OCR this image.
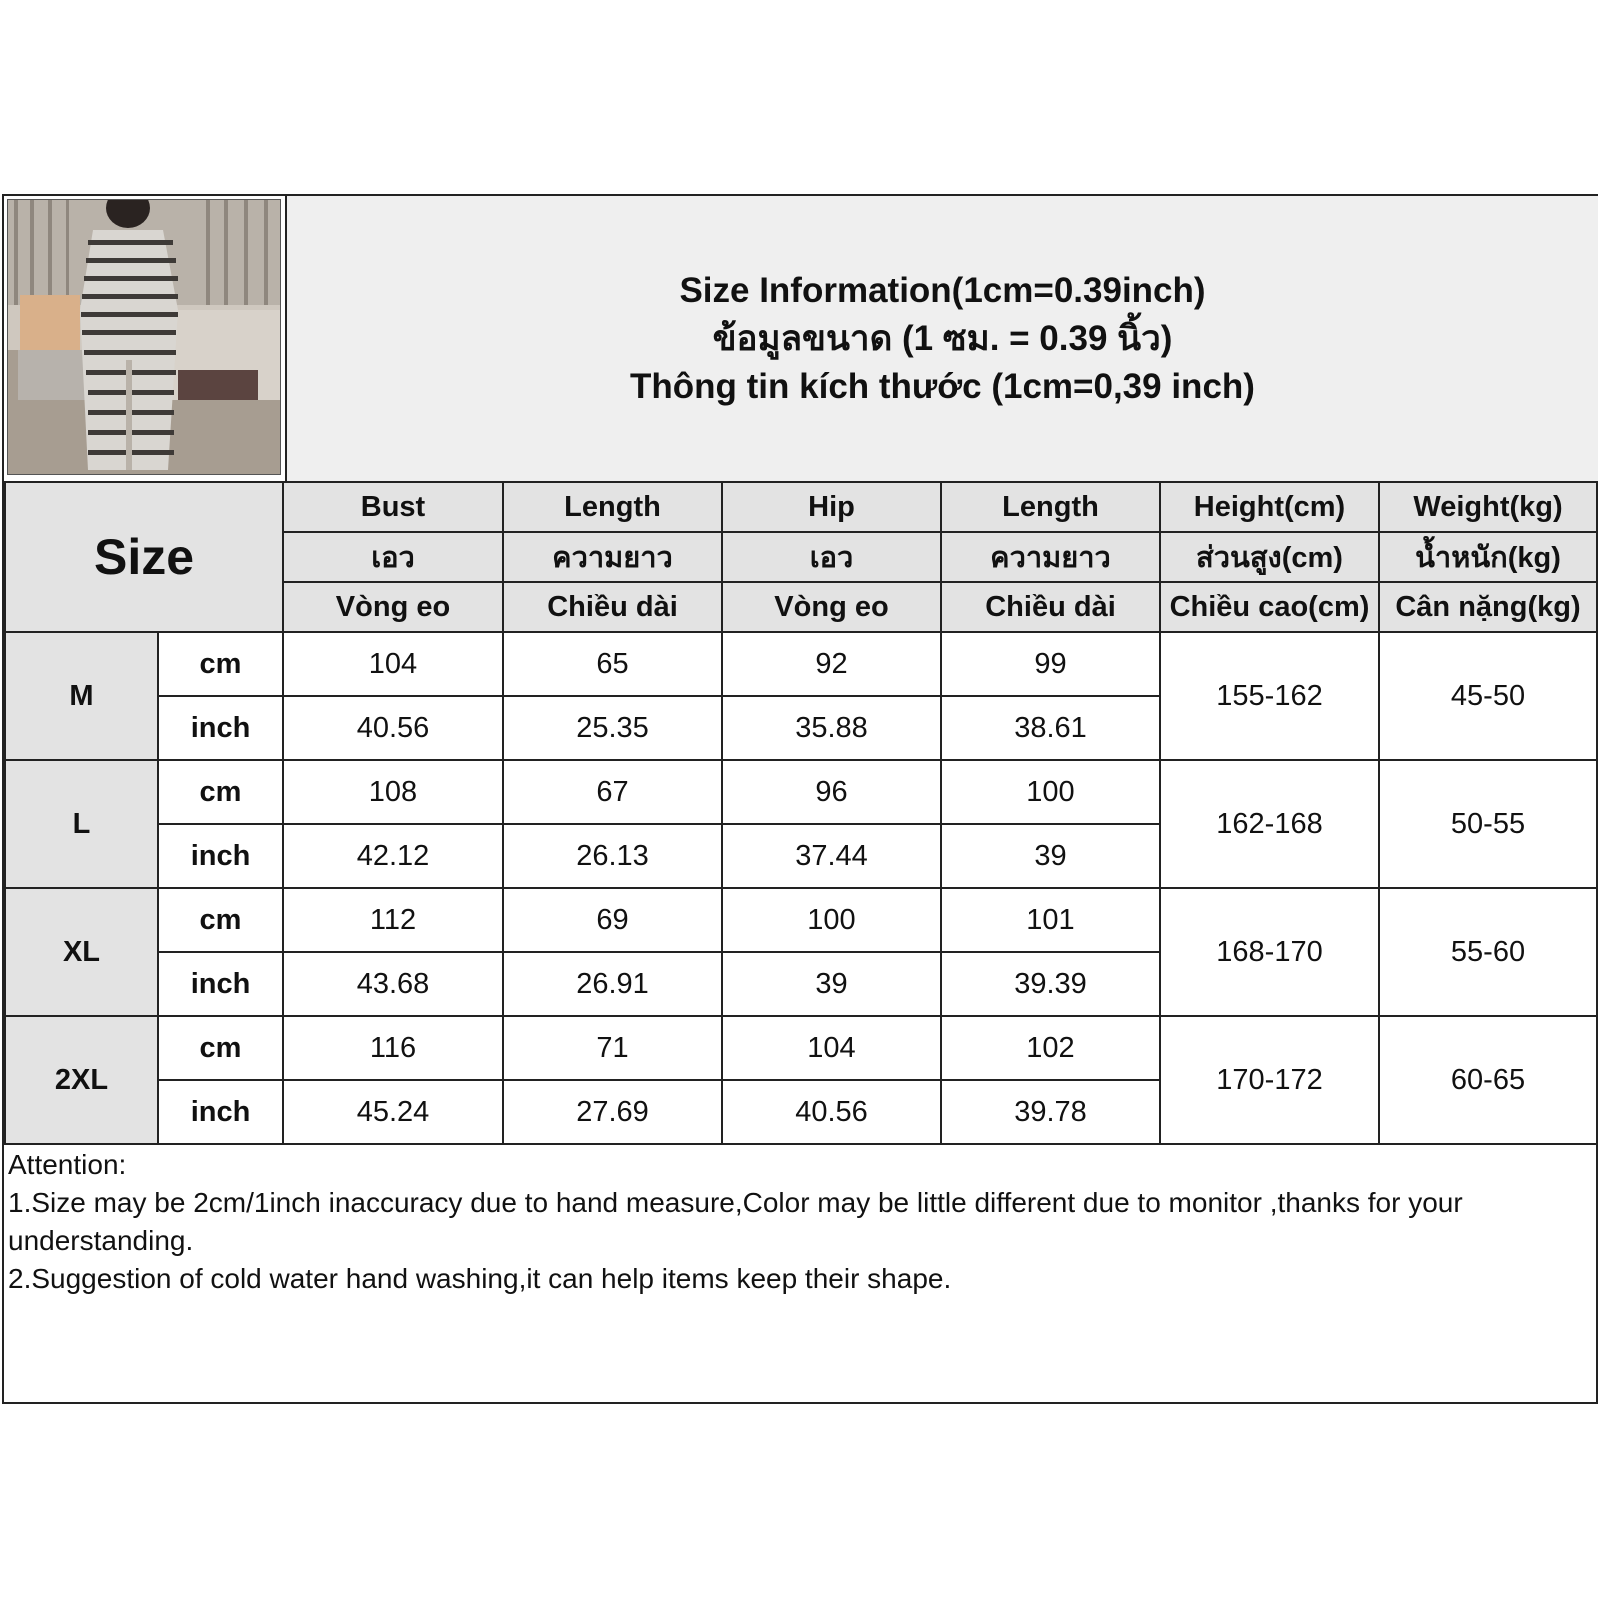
Size Information(1cm=0.39inch)
ข้อมูลขนาด (1 ซม. = 0.39 นิ้ว)
Thông tin kích thước (1cm=0,39 inch)
Size		Bust	Length	Hip	Length	Height(cm)	Weight(kg)
		เอว	ความยาว	เอว	ความยาว	ส่วนสูง(cm)	น้ำหนัก(kg)
		Vòng eo	Chiều dài	Vòng eo	Chiều dài	Chiều cao(cm)	Cân nặng(kg)
M	cm	104	65	92	99	155-162	45-50
	inch	40.56	25.35	35.88	38.61		
L	cm	108	67	96	100	162-168	50-55
	inch	42.12	26.13	37.44	39		
XL	cm	112	69	100	101	168-170	55-60
	inch	43.68	26.91	39	39.39		
2XL	cm	116	71	104	102	170-172	60-65
	inch	45.24	27.69	40.56	39.78		

Attention:

1.Size may be 2cm/1inch inaccuracy due to hand measure,Color may be little different due to monitor ,thanks for your understanding.

2.Suggestion of cold water hand washing,it can help items keep their shape.
